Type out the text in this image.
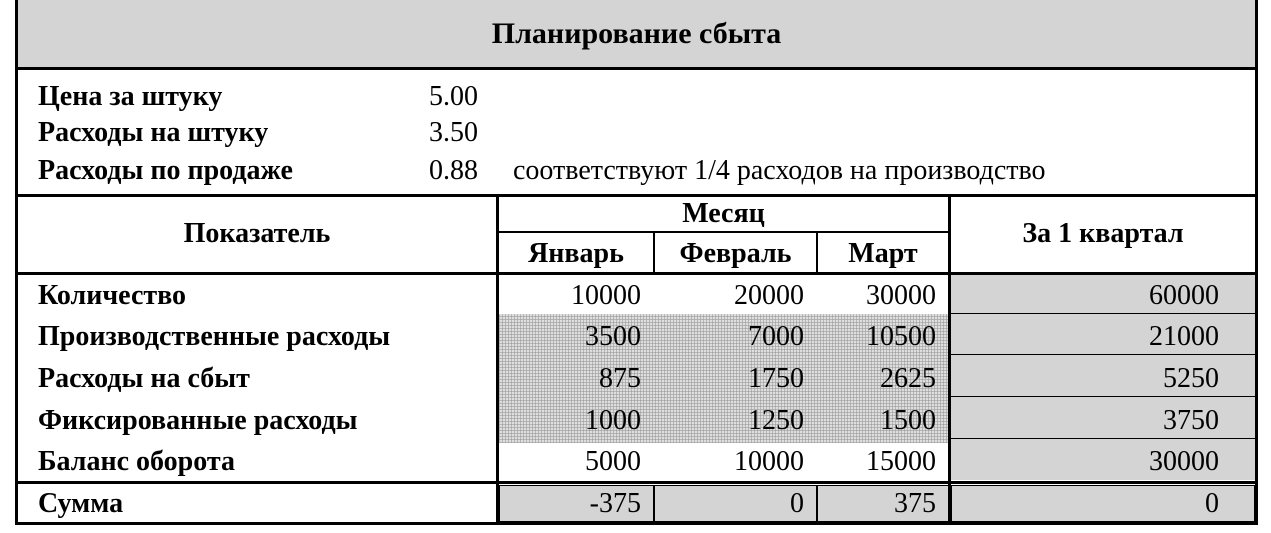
Планирование сбыта
Цена за штуку	5.00
Расходы на штуку	3.50
Расходы по продаже	0.88 соответствуют 1/4 расходов на производство
Показатель
Месяц
Январь	Февраль	Март
За 1 квартал
Количество	10000	20000	30000	60000
Производственные расходы	3500	7000	10500	21000
Расходы на сбыт	875	1750	2625	5250
Фиксированные расходы	1000	1250	1500	3750
Баланс оборота	5000	10000	15000	30000
Сумма	-375	0	375	0
